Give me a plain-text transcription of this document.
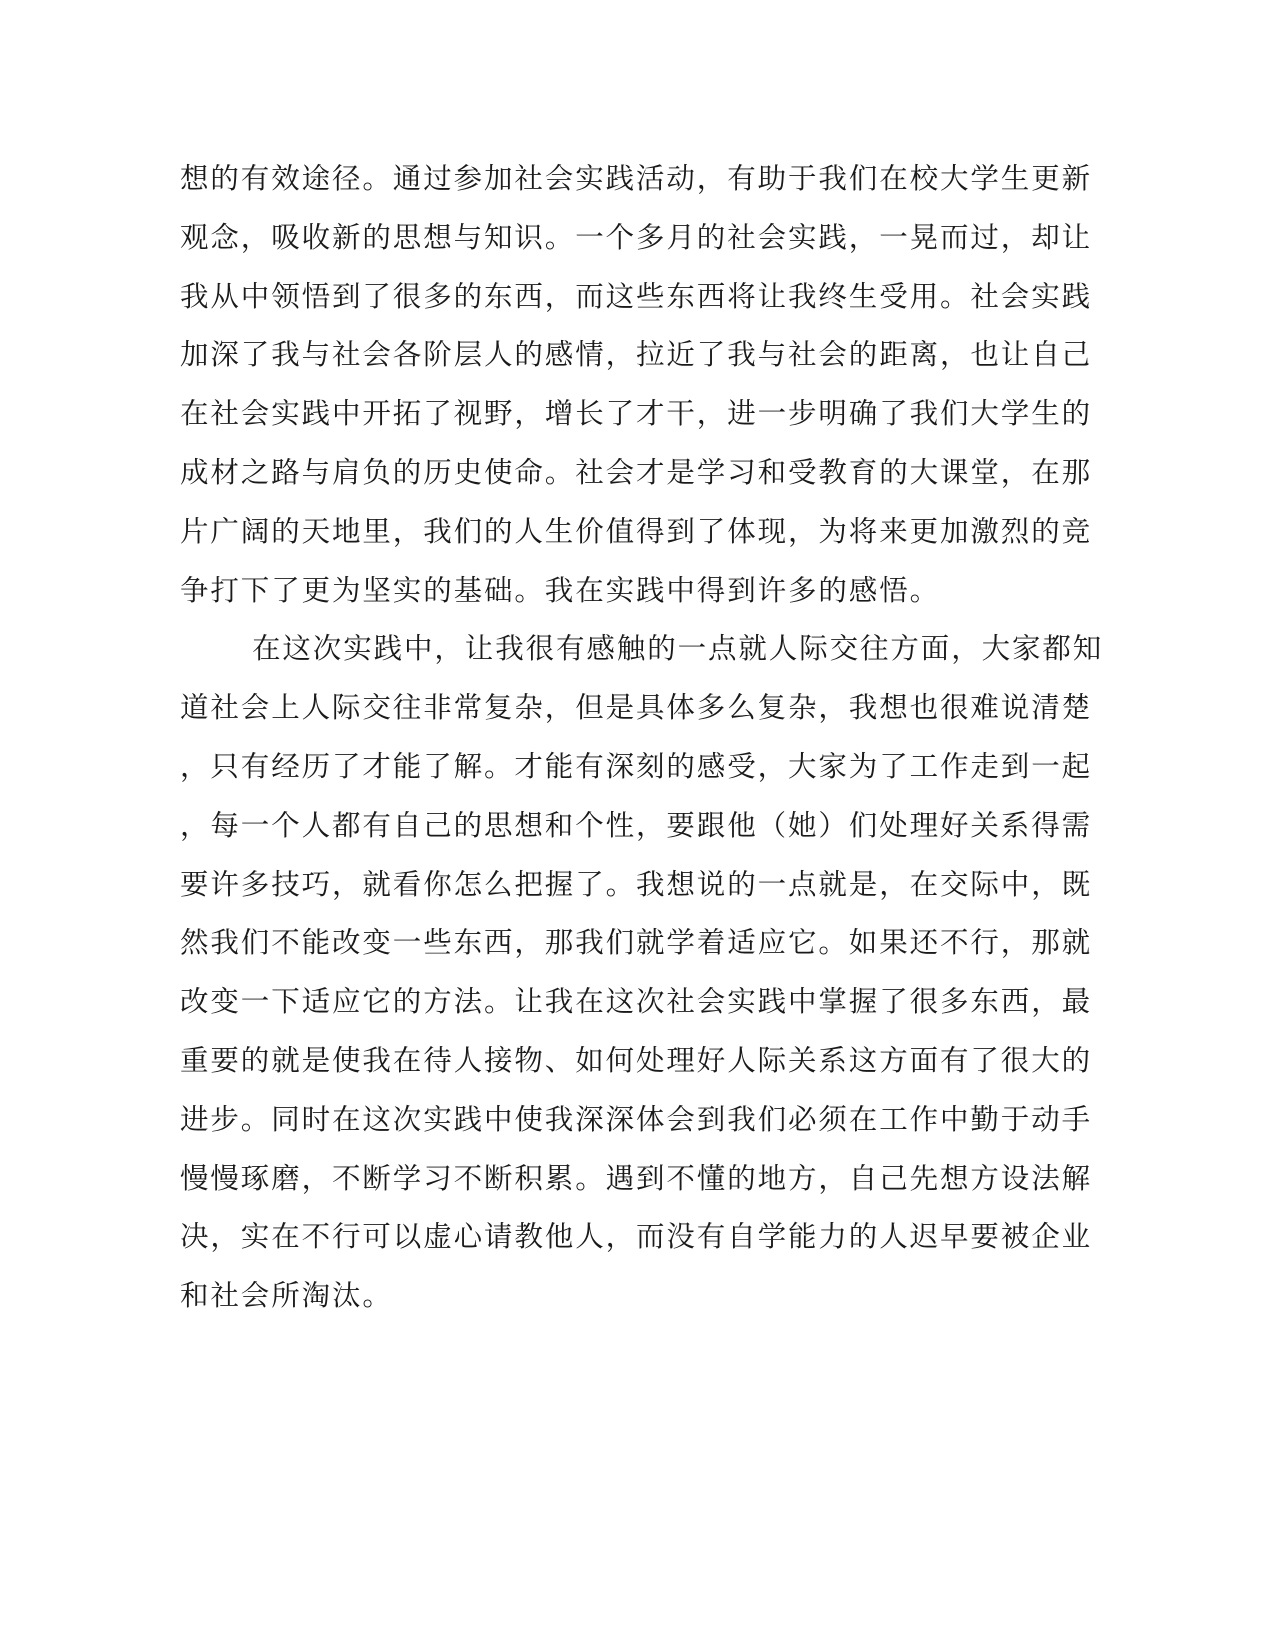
想的有效途径。通过参加社会实践活动，有助于我们在校大学生更新
观念，吸收新的思想与知识。一个多月的社会实践，一晃而过，却让
我从中领悟到了很多的东西，而这些东西将让我终生受用。社会实践
加深了我与社会各阶层人的感情，拉近了我与社会的距离，也让自己
在社会实践中开拓了视野，增长了才干，进一步明确了我们大学生的
成材之路与肩负的历史使命。社会才是学习和受教育的大课堂，在那
片广阔的天地里，我们的人生价值得到了体现，为将来更加激烈的竞
争打下了更为坚实的基础。我在实践中得到许多的感悟。
在这次实践中，让我很有感触的一点就人际交往方面，大家都知
道社会上人际交往非常复杂，但是具体多么复杂，我想也很难说清楚
，只有经历了才能了解。才能有深刻的感受，大家为了工作走到一起
，每一个人都有自己的思想和个性，要跟他（她）们处理好关系得需
要许多技巧，就看你怎么把握了。我想说的一点就是，在交际中，既
然我们不能改变一些东西，那我们就学着适应它。如果还不行，那就
改变一下适应它的方法。让我在这次社会实践中掌握了很多东西，最
重要的就是使我在待人接物、如何处理好人际关系这方面有了很大的
进步。同时在这次实践中使我深深体会到我们必须在工作中勤于动手
慢慢琢磨，不断学习不断积累。遇到不懂的地方，自己先想方设法解
决，实在不行可以虚心请教他人，而没有自学能力的人迟早要被企业
和社会所淘汰。
